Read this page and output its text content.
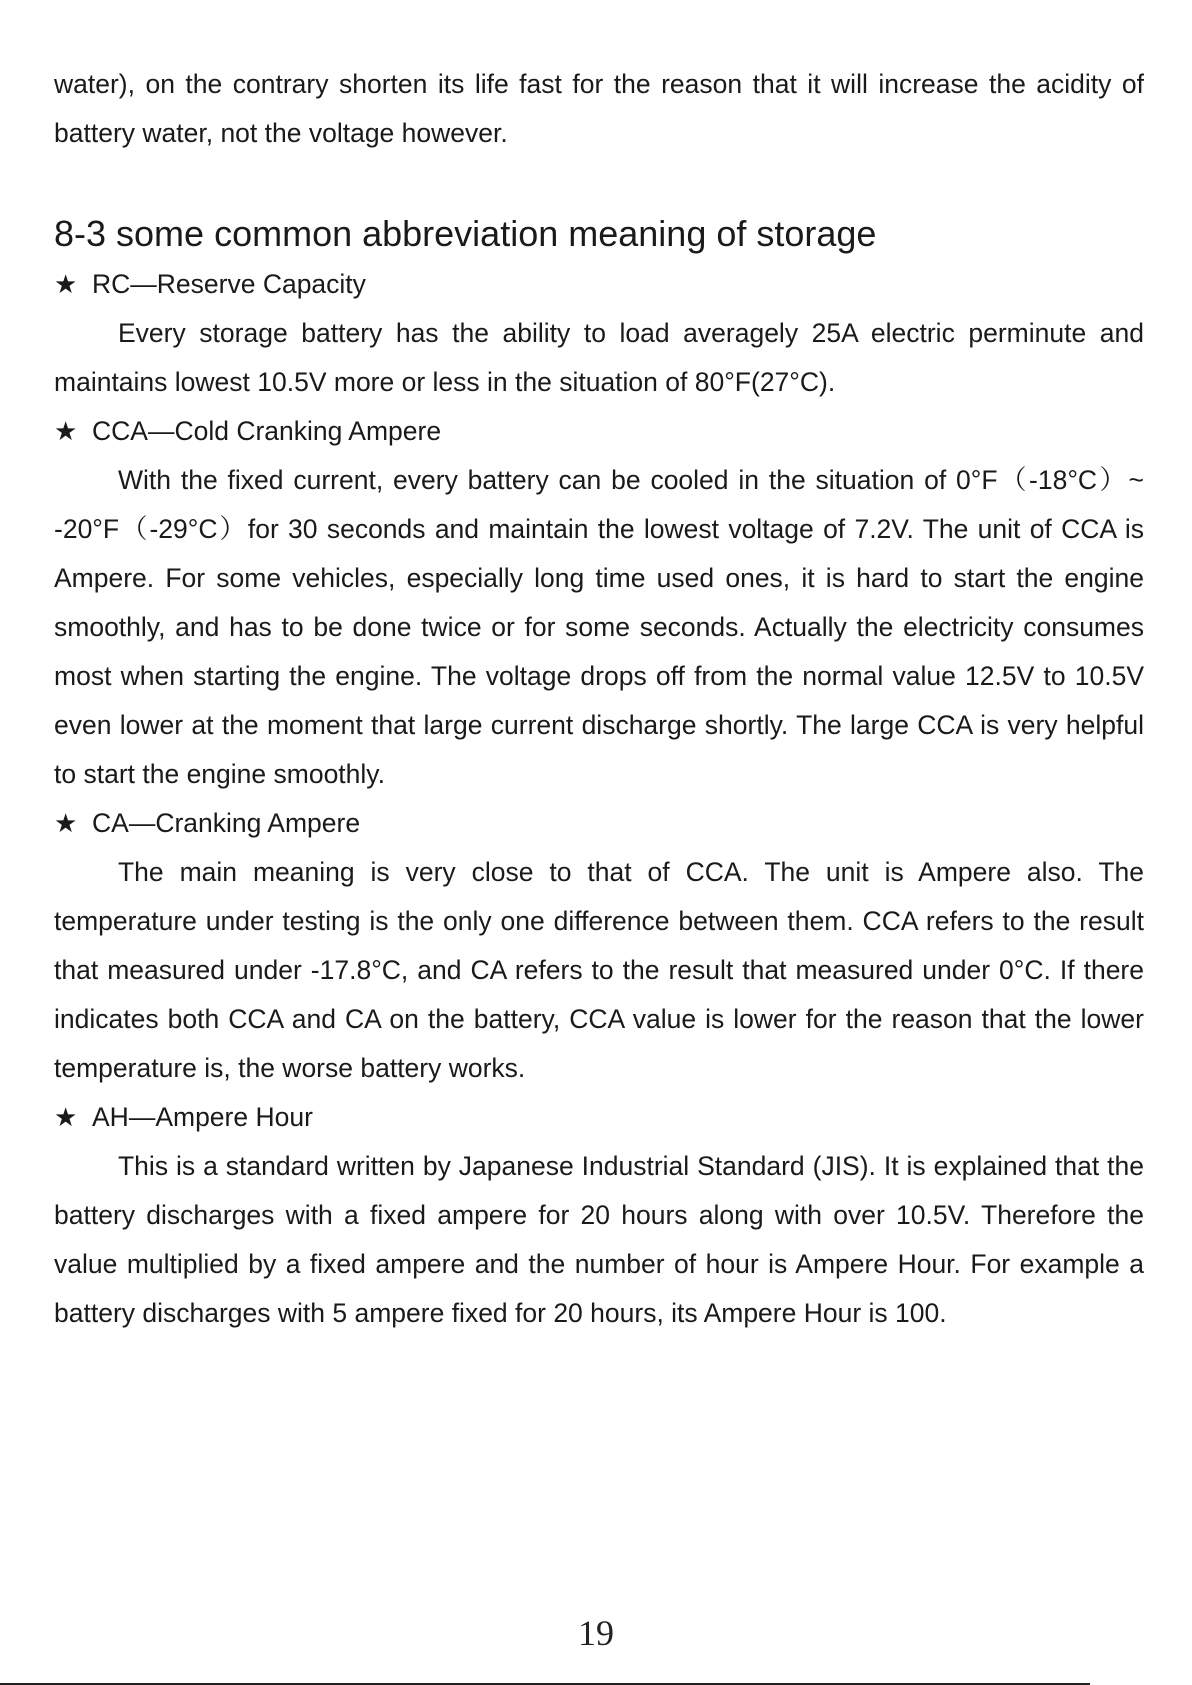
water), on the contrary shorten its life fast for the reason that it will increase the acidity of battery water, not the voltage however.

8-3 some common abbreviation meaning of storage
★ RC—Reserve Capacity

Every storage battery has the ability to load averagely 25A electric perminute and maintains lowest 10.5V more or less in the situation of 80°F(27°C).

★ CCA—Cold Cranking Ampere

With the fixed current, every battery can be cooled in the situation of 0°F（-18°C）~ -20°F（-29°C）for 30 seconds and maintain the lowest voltage of 7.2V. The unit of CCA is Ampere. For some vehicles, especially long time used ones, it is hard to start the engine smoothly, and has to be done twice or for some seconds. Actually the electricity consumes most when starting the engine. The voltage drops off from the normal value 12.5V to 10.5V even lower at the moment that large current discharge shortly. The large CCA is very helpful to start the engine smoothly.

★ CA—Cranking Ampere

The main meaning is very close to that of CCA. The unit is Ampere also. The temperature under testing is the only one difference between them. CCA refers to the result that measured under -17.8°C, and CA refers to the result that measured under 0°C. If there indicates both CCA and CA on the battery, CCA value is lower for the reason that the lower temperature is, the worse battery works.

★ AH—Ampere Hour

This is a standard written by Japanese Industrial Standard (JIS). It is explained that the battery discharges with a fixed ampere for 20 hours along with over 10.5V. Therefore the value multiplied by a fixed ampere and the number of hour is Ampere Hour. For example a battery discharges with 5 ampere fixed for 20 hours, its Ampere Hour is 100.

19
